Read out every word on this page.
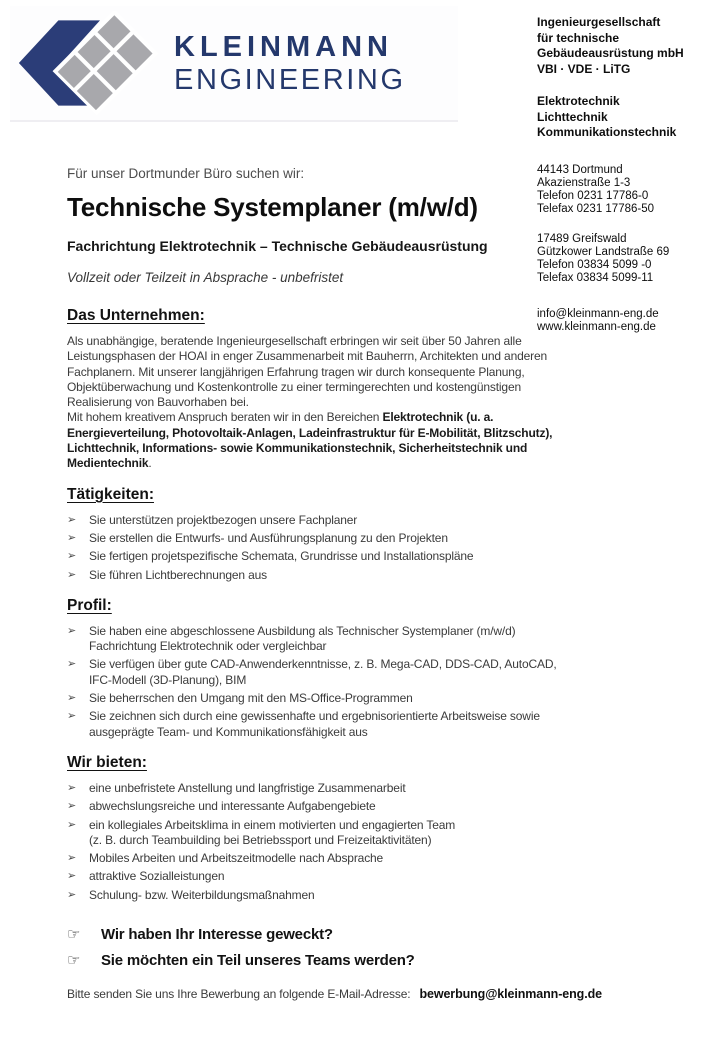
KLEINMANN
ENGINEERING
Ingenieurgesellschaft
für technische
Gebäudeausrüstung mbH
VBI · VDE · LiTG
Elektrotechnik
Lichttechnik
Kommunikationstechnik
44143 Dortmund
Akazienstraße 1-3
Telefon 0231 17786-0
Telefax 0231 17786-50
17489 Greifswald
Gützkower Landstraße 69
Telefon 03834 5099 -0
Telefax 03834 5099-11
info@kleinmann-eng.de
www.kleinmann-eng.de

Für unser Dortmunder Büro suchen wir:

Technische Systemplaner (m/w/d)
Fachrichtung Elektrotechnik – Technische Gebäudeausrüstung

Vollzeit oder Teilzeit in Absprache - unbefristet

Das Unternehmen:

Als unabhängige, beratende Ingenieurgesellschaft erbringen wir seit über 50 Jahren alle Leistungsphasen der HOAI in enger Zusammenarbeit mit Bauherrn, Architekten und anderen Fachplanern. Mit unserer langjährigen Erfahrung tragen wir durch konsequente Planung, Objektüberwachung und Kostenkontrolle zu einer termingerechten und kostengünstigen Realisierung von Bauvorhaben bei.

Mit hohem kreativem Anspruch beraten wir in den Bereichen Elektrotechnik (u. a. Energieverteilung, Photovoltaik-Anlagen, Ladeinfrastruktur für E-Mobilität, Blitzschutz), Lichttechnik, Informations- sowie Kommunikationstechnik, Sicherheitstechnik und Medientechnik.

Tätigkeiten:
➢	Sie unterstützen projektbezogen unsere Fachplaner
➢	Sie erstellen die Entwurfs- und Ausführungsplanung zu den Projekten
➢	Sie fertigen projetspezifische Schemata, Grundrisse und Installationspläne
➢	Sie führen Lichtberechnungen aus
Profil:
➢	Sie haben eine abgeschlossene Ausbildung als Technischer Systemplaner (m/w/d)
Fachrichtung Elektrotechnik oder vergleichbar
➢	Sie verfügen über gute CAD-Anwenderkenntnisse, z. B. Mega-CAD, DDS-CAD, AutoCAD,
IFC-Modell (3D-Planung), BIM
➢	Sie beherrschen den Umgang mit den MS-Office-Programmen
➢	Sie zeichnen sich durch eine gewissenhafte und ergebnisorientierte Arbeitsweise sowie
ausgeprägte Team- und Kommunikationsfähigkeit aus
Wir bieten:
➢	eine unbefristete Anstellung und langfristige Zusammenarbeit
➢	abwechslungsreiche und interessante Aufgabengebiete
➢	ein kollegiales Arbeitsklima in einem motivierten und engagierten Team
(z. B. durch Teambuilding bei Betriebssport und Freizeitaktivitäten)
➢	Mobiles Arbeiten und Arbeitszeitmodelle nach Absprache
➢	attraktive Sozialleistungen
➢	Schulung- bzw. Weiterbildungsmaßnahmen
☞	Wir haben Ihr Interesse geweckt?
☞	Sie möchten ein Teil unseres Teams werden?
Bitte senden Sie uns Ihre Bewerbung an folgende E-Mail-Adresse: bewerbung@kleinmann-eng.de
